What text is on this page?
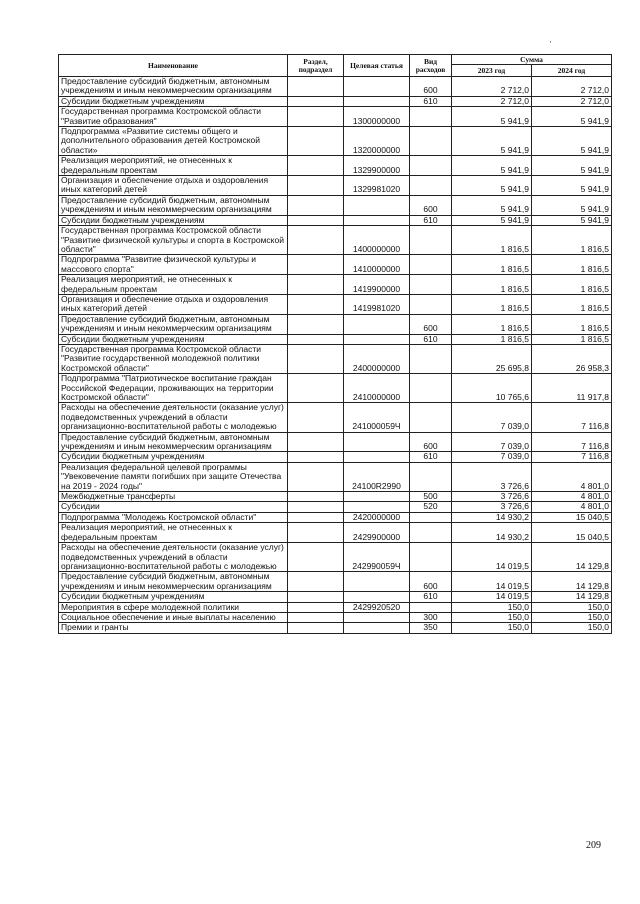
'
Наименование	Раздел, подраздел	Целевая статья	Вид расходов	Сумма	
				2023 год	2024 год
Предоставление субсидий бюджетным, автономным учреждениям и иным некоммерческим организациям			600	2 712,0	2 712,0
Субсидии бюджетным учреждениям			610	2 712,0	2 712,0
Государственная программа Костромской области "Развитие образования"		1300000000		5 941,9	5 941,9
Подпрограмма «Развитие системы общего и дополнительного образования детей Костромской области»		1320000000		5 941,9	5 941,9
Реализация мероприятий, не отнесенных к федеральным проектам		1329900000		5 941,9	5 941,9
Организация и обеспечение отдыха и оздоровления иных категорий детей		1329981020		5 941,9	5 941,9
Предоставление субсидий бюджетным, автономным учреждениям и иным некоммерческим организациям			600	5 941,9	5 941,9
Субсидии бюджетным учреждениям			610	5 941,9	5 941,9
Государственная программа Костромской области "Развитие физической культуры и спорта в Костромской области"		1400000000		1 816,5	1 816,5
Подпрограмма "Развитие физической культуры и массового спорта"		1410000000		1 816,5	1 816,5
Реализация мероприятий, не отнесенных к федеральным проектам		1419900000		1 816,5	1 816,5
Организация и обеспечение отдыха и оздоровления иных категорий детей		1419981020		1 816,5	1 816,5
Предоставление субсидий бюджетным, автономным учреждениям и иным некоммерческим организациям			600	1 816,5	1 816,5
Субсидии бюджетным учреждениям			610	1 816,5	1 816,5
Государственная программа Костромской области "Развитие государственной молодежной политики Костромской области"		2400000000		25 695,8	26 958,3
Подпрограмма "Патриотическое воспитание граждан Российской Федерации, проживающих на территории Костромской области"		2410000000		10 765,6	11 917,8
Расходы на обеспечение деятельности (оказание услуг) подведомственных учреждений в области организационно-воспитательной работы с молодежью		241000059Ч		7 039,0	7 116,8
Предоставление субсидий бюджетным, автономным учреждениям и иным некоммерческим организациям			600	7 039,0	7 116,8
Субсидии бюджетным учреждениям			610	7 039,0	7 116,8
Реализация федеральной целевой программы "Увековечение памяти погибших при защите Отечества на 2019 - 2024 годы"		24100R2990		3 726,6	4 801,0
Межбюджетные трансферты			500	3 726,6	4 801,0
Субсидии			520	3 726,6	4 801,0
Подпрограмма "Молодежь Костромской области"		2420000000		14 930,2	15 040,5
Реализация мероприятий, не отнесенных к федеральным проектам		2429900000		14 930,2	15 040,5
Расходы на обеспечение деятельности (оказание услуг) подведомственных учреждений в области организационно-воспитательной работы с молодежью		242990059Ч		14 019,5	14 129,8
Предоставление субсидий бюджетным, автономным учреждениям и иным некоммерческим организациям			600	14 019,5	14 129,8
Субсидии бюджетным учреждениям			610	14 019,5	14 129,8
Мероприятия в сфере молодежной политики		2429920520		150,0	150,0
Социальное обеспечение и иные выплаты населению			300	150,0	150,0
Премии и гранты			350	150,0	150,0
209
